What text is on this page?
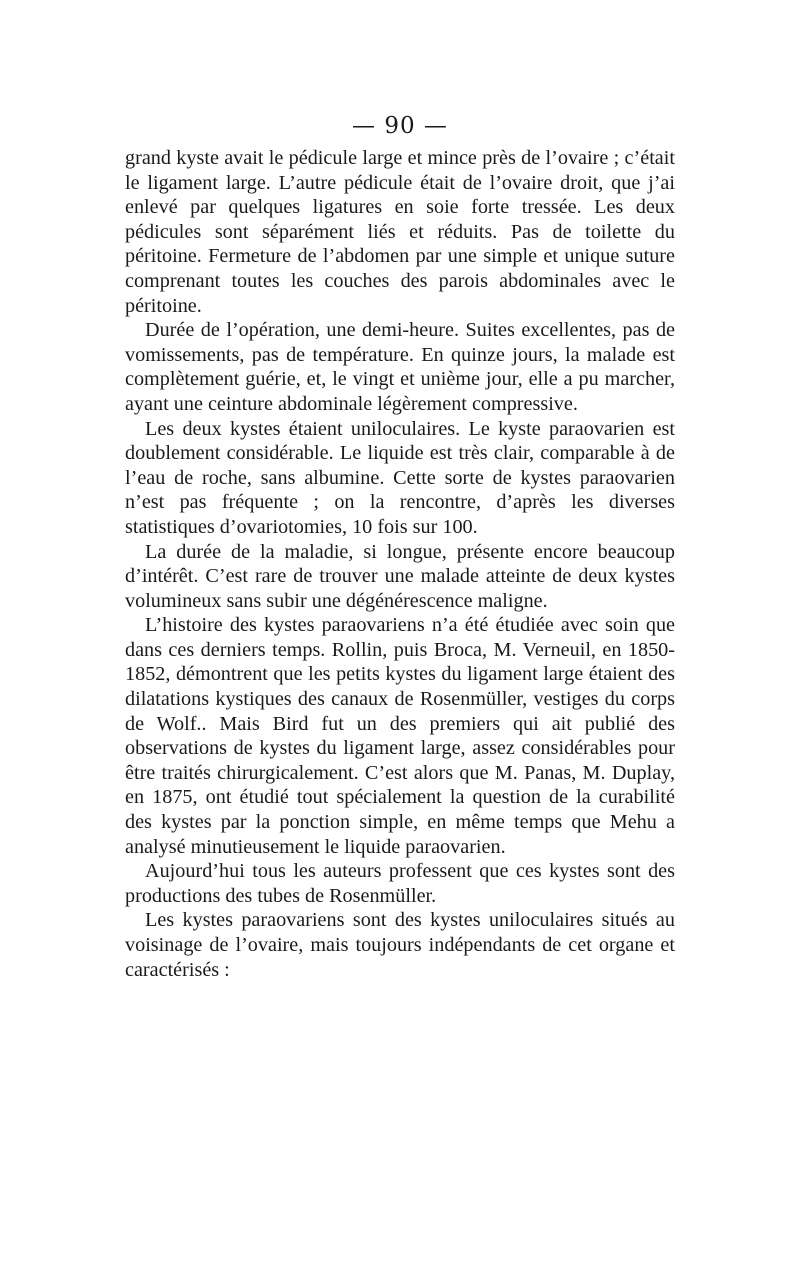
— 90 —

grand kyste avait le pédicule large et mince près de l’ovaire ; c’était le ligament large. L’autre pédicule était de l’ovaire droit, que j’ai enlevé par quelques ligatures en soie forte tressée. Les deux pédicules sont séparément liés et réduits. Pas de toilette du péritoine. Fermeture de l’abdomen par une simple et unique suture comprenant toutes les couches des parois abdominales avec le péritoine.

Durée de l’opération, une demi-heure. Suites excellentes, pas de vomissements, pas de température. En quinze jours, la malade est complètement guérie, et, le vingt et unième jour, elle a pu marcher, ayant une ceinture abdominale légèrement compressive.

Les deux kystes étaient uniloculaires. Le kyste paraovarien est doublement considérable. Le liquide est très clair, comparable à de l’eau de roche, sans albumine. Cette sorte de kystes paraovarien n’est pas fréquente ; on la rencontre, d’après les diverses statistiques d’ovariotomies, 10 fois sur 100.

La durée de la maladie, si longue, présente encore beaucoup d’intérêt. C’est rare de trouver une malade atteinte de deux kystes volumineux sans subir une dégénérescence maligne.

L’histoire des kystes paraovariens n’a été étudiée avec soin que dans ces derniers temps. Rollin, puis Broca, M. Verneuil, en 1850-1852, démontrent que les petits kystes du ligament large étaient des dilatations kystiques des canaux de Rosenmüller, vestiges du corps de Wolf.. Mais Bird fut un des premiers qui ait publié des observations de kystes du ligament large, assez considérables pour être traités chirurgicalement. C’est alors que M. Panas, M. Duplay, en 1875, ont étudié tout spécialement la question de la curabilité des kystes par la ponction simple, en même temps que Mehu a analysé minutieusement le liquide paraovarien.

Aujourd’hui tous les auteurs professent que ces kystes sont des productions des tubes de Rosenmüller.

Les kystes paraovariens sont des kystes uniloculaires situés au voisinage de l’ovaire, mais toujours indépendants de cet organe et caractérisés :
